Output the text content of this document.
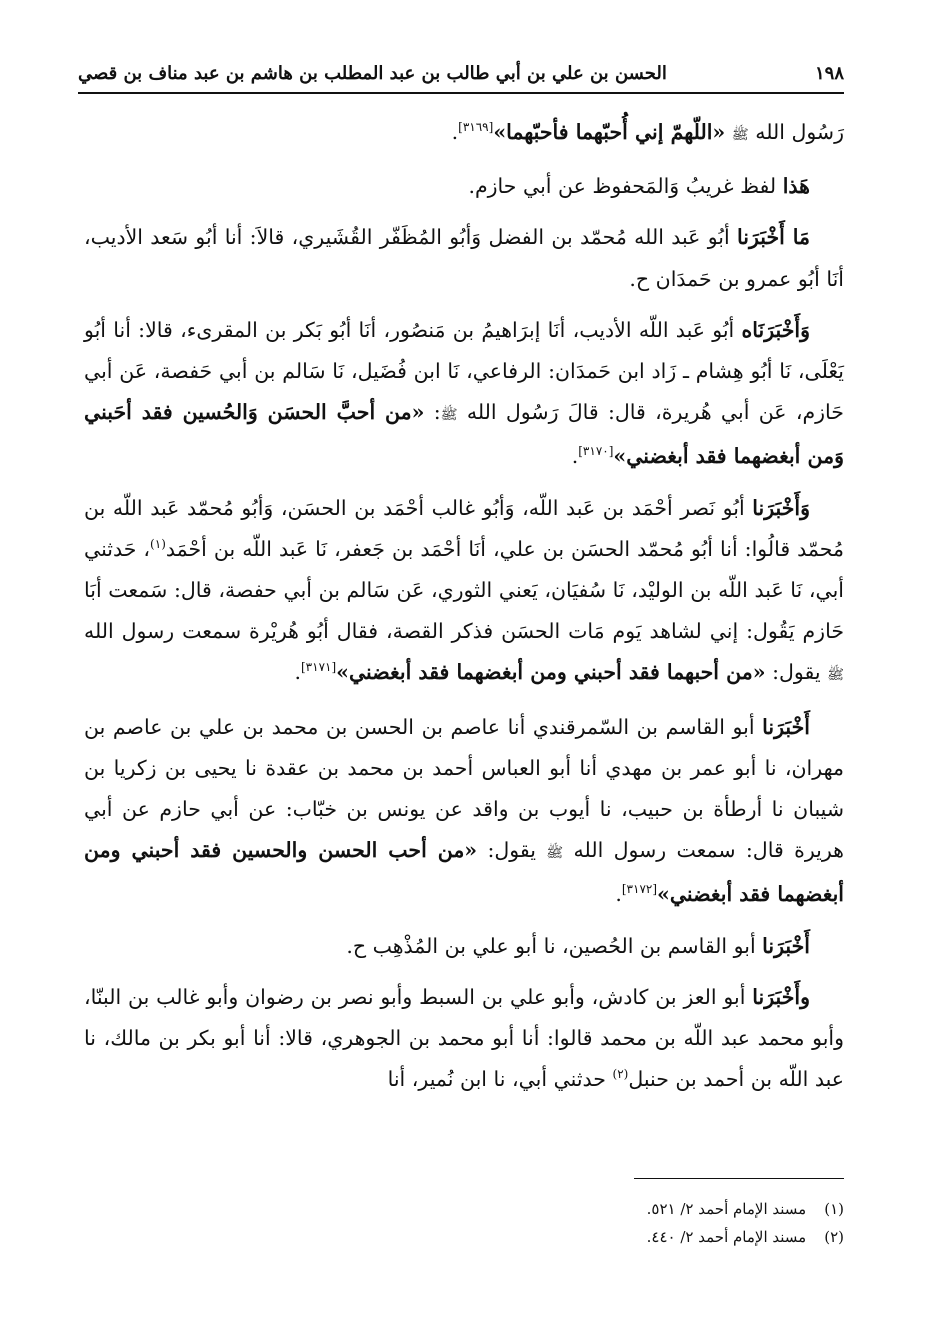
١٩٨
الحسن بن علي بن أبي طالب بن عبد المطلب بن هاشم بن عبد مناف بن قصي

رَسُول الله ﷺ «اللّهمّ إني أُحبّهما فأحبّهما»[٣١٦٩].

هَذا لفظ غريبُ وَالمَحفوظ عن أبي حازم.

مَا أَخْبَرَنا أبُو عَبد الله مُحمّد بن الفضل وَأبُو المُظَفّر القُشَيري، قالاَ: أنا أبُو سَعد الأديب، أنَا أبُو عمرو بن حَمدَان ح.

وَأَخْبَرَنَاه أبُو عَبد اللّه الأديب، أنَا إبرَاهيمُ بن مَنصُور، أنَا أبُو بَكر بن المقرىء، قالا: أنا أبُو يَعْلَى، نَا أبُو هِشام ـ زَاد ابن حَمدَان: الرفاعي، نَا ابن فُضَيل، نَا سَالم بن أبي حَفصة، عَن أبي حَازم، عَن أبي هُريرة، قال: قالَ رَسُول الله ﷺ: «من أحبَّ الحسَن وَالحُسين فقد أحَبني وَمن أبغضهما فقد أبغضني»[٣١٧٠].

وَأَخْبَرَنا أبُو نَصر أحْمَد بن عَبد اللّه، وَأبُو غالب أحْمَد بن الحسَن، وَأبُو مُحمّد عَبد اللّه بن مُحمّد قالُوا: أنا أبُو مُحمّد الحسَن بن علي، أنَا أحْمَد بن جَعفر، نَا عَبد اللّه بن أحْمَد$^{(١)}$، حَدثني أبي، نَا عَبد اللّه بن الوليْد، نَا سُفيَان، يَعني الثوري، عَن سَالم بن أبي حفصة، قال: سَمعت أبَا حَازم يَقُول: إني لشاهد يَوم مَات الحسَن فذكر القصة، فقال أبُو هُريْرة سمعت رسول الله ﷺ يقول: «من أحبهما فقد أحبني ومن أبغضهما فقد أبغضني»[٣١٧١].

أَخْبَرَنا أبو القاسم بن السّمرقندي أنا عاصم بن الحسن بن محمد بن علي بن عاصم بن مهران، نا أبو عمر بن مهدي أنا أبو العباس أحمد بن محمد بن عقدة نا يحيى بن زكريا بن شيبان نا أرطأة بن حبيب، نا أيوب بن واقد عن يونس بن خبّاب: عن أبي حازم عن أبي هريرة قال: سمعت رسول الله ﷺ يقول: «من أحب الحسن والحسين فقد أحبني ومن أبغضهما فقد أبغضني»[٣١٧٢].

أَخْبَرَنا أبو القاسم بن الحُصين، نا أبو علي بن المُذْهِب ح.

وأَخْبَرَنا أبو العز بن كادش، وأبو علي بن السبط وأبو نصر بن رضوان وأبو غالب بن البنّا، وأبو محمد عبد اللّه بن محمد قالوا: أنا أبو محمد بن الجوهري، قالا: أنا أبو بكر بن مالك، نا عبد اللّه بن أحمد بن حنبل$^{(٢)}$ حدثني أبي، نا ابن نُمير، أنا

(١)
مسند الإمام أحمد ٢/ ٥٢١.
(٢)
مسند الإمام أحمد ٢/ ٤٤٠.
